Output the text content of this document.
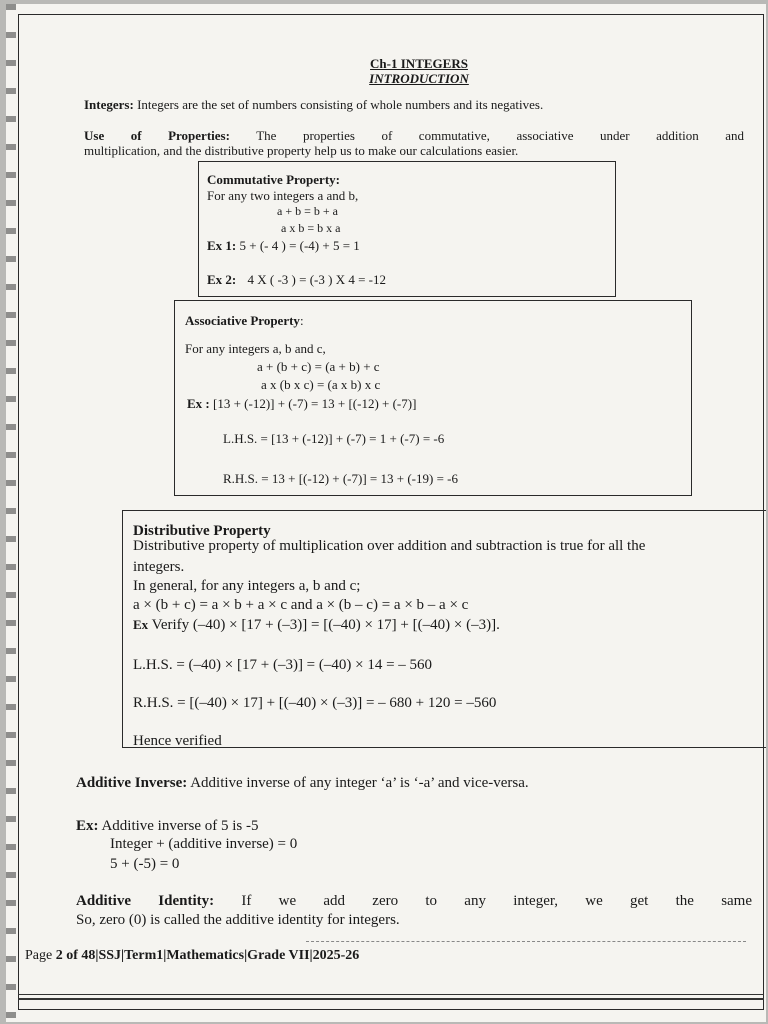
Ch-1 INTEGERS
INTRODUCTION
Integers: Integers are the set of numbers consisting of whole numbers and its negatives.
Use of Properties: The properties of commutative, associative under addition and
multiplication, and the distributive property help us to make our calculations easier.
Commutative Property:
For any two integers a and b,
a + b = b + a
a x b = b x a
Ex 1: 5 + (- 4 ) = (-4) + 5 = 1
Ex 2: 4 X ( -3 ) = (-3 ) X 4 = -12
Associative Property:
For any integers a, b and c,
a + (b + c) = (a + b) + c
a x (b x c) = (a x b) x c
Ex : [13 + (-12)] + (-7) = 13 + [(-12) + (-7)]
L.H.S. = [13 + (-12)] + (-7) = 1 + (-7) = -6
R.H.S. = 13 + [(-12) + (-7)] = 13 + (-19) = -6
Distributive Property
Distributive property of multiplication over addition and subtraction is true for all the
integers.
In general, for any integers a, b and c;
a × (b + c) = a × b + a × c and a × (b – c) = a × b – a × c
Ex Verify (–40) × [17 + (–3)] = [(–40) × 17] + [(–40) × (–3)].
L.H.S. = (–40) × [17 + (–3)] = (–40) × 14 = – 560
R.H.S. = [(–40) × 17] + [(–40) × (–3)] = – 680 + 120 = –560
Hence verified
Additive Inverse: Additive inverse of any integer ‘a’ is ‘-a’ and vice-versa.
Ex: Additive inverse of 5 is -5
Integer + (additive inverse) = 0
5 + (-5) = 0
Additive Identity: If we add zero to any integer, we get the same
So, zero (0) is called the additive identity for integers.
Page 2 of 48|SSJ|Term1|Mathematics|Grade VII|2025-26
